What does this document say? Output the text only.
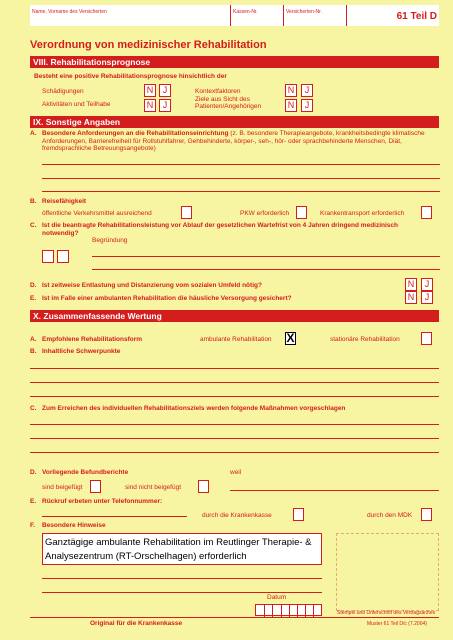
Name, Vorname des Versicherten	Kassen-Nr.	Versicherten-Nr.	61 Teil D
Verordnung von medizinischer Rehabilitation
VIII. Rehabilitationsprognose
Besteht eine positive Rehabilitationsprognose hinsichtlich der
Schädigungen	N	J	Kontextfaktoren	N	J
Aktivitäten und Teilhabe	N	J
Ziele aus Sicht des Patienten/Angehörigen	N	J
IX. Sonstige Angaben
A. Besondere Anforderungen an die Rehabilitationseinrichtung (z. B. besondere Therapieangebote, krankheitsbedingte klimatische Anforderungen, Barrierefreiheit für Rollstuhlfahrer, Gehbehinderte, körper-, seh-, hör- oder sprachbehinderte Menschen, Diät, fremdsprachliche Betreuungsangebote)
B. Reisefähigkeit
öffentliche Verkehrsmittel ausreichend	PKW erforderlich	Krankentransport erforderlich
C. Ist die beantragte Rehabilitationsleistung vor Ablauf der gesetzlichen Wartefrist von 4 Jahren dringend medizinisch notwendig?
Begründung
D. Ist zeitweise Entlastung und Distanzierung vom sozialen Umfeld nötig?	N	J
E. Ist im Falle einer ambulanten Rehabilitation die häusliche Versorgung gesichert?	N	J
X. Zusammenfassende Wertung
A. Empfohlene Rehabilitationsform	ambulante Rehabilitation X	stationäre Rehabilitation
B. Inhaltliche Schwerpunkte
C. Zum Erreichen des individuellen Rehabilitationsziels werden folgende Maßnahmen vorgeschlagen
D. Vorliegende Befundberichte	weil
sind beigefügt	sind nicht beigefügt
E. Rückruf erbeten unter Telefonnummer:
durch die Krankenkasse	durch den MDK
F. Besondere Hinweise
Ganztägige ambulante Rehabilitation im Reutlinger Therapie- &
Analysezentrum (RT-Orschelhagen) erforderlich
Datum
Stempel und Unterschrift des Vertragsarztes
Original für die Krankenkasse	Muster 61 Teil D/c (7.2004)
